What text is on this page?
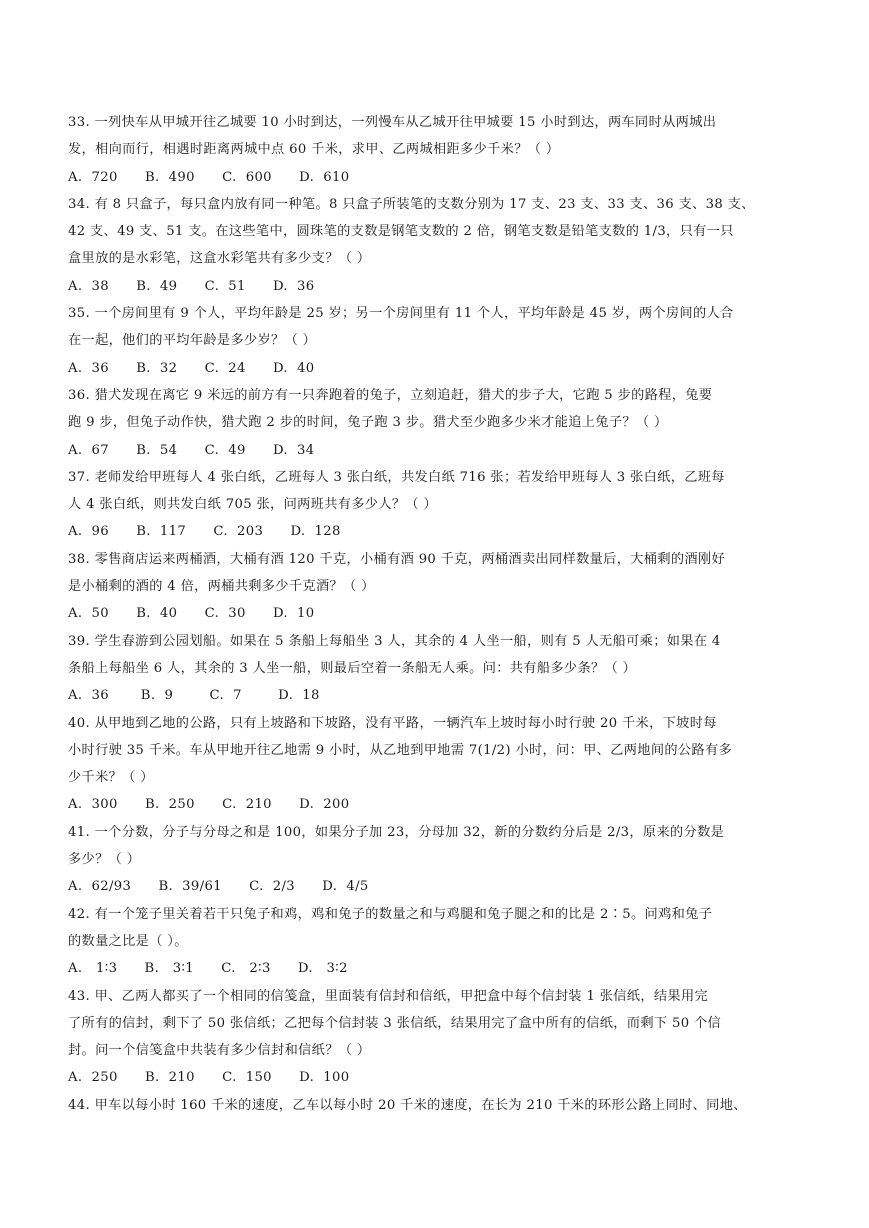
33. 一列快车从甲城开往乙城要 10 小时到达，一列慢车从乙城开往甲城要 15 小时到达，两车同时从两城出
发，相向而行，相遇时距离两城中点 60 千米，求甲、乙两城相距多少千米？（ ）
A.  720      B.  490      C.  600      D.  610
34. 有 8 只盒子，每只盒内放有同一种笔。8 只盒子所装笔的支数分别为 17 支、23 支、33 支、36 支、38 支、
42 支、49 支、51 支。在这些笔中，圆珠笔的支数是钢笔支数的 2 倍，钢笔支数是铅笔支数的 1/3，只有一只
盒里放的是水彩笔，这盒水彩笔共有多少支？（ ）
A.  38      B.  49      C.  51      D.  36
35. 一个房间里有 9 个人，平均年龄是 25 岁；另一个房间里有 11 个人，平均年龄是 45 岁，两个房间的人合
在一起，他们的平均年龄是多少岁？（ ）
A.  36      B.  32      C.  24      D.  40
36. 猎犬发现在离它 9 米远的前方有一只奔跑着的兔子，立刻追赶，猎犬的步子大，它跑 5 步的路程，兔要
跑 9 步，但兔子动作快，猎犬跑 2 步的时间，兔子跑 3 步。猎犬至少跑多少米才能追上兔子？（ ）
A.  67      B.  54      C.  49      D.  34
37. 老师发给甲班每人 4 张白纸，乙班每人 3 张白纸，共发白纸 716 张；若发给甲班每人 3 张白纸，乙班每
人 4 张白纸，则共发白纸 705 张，问两班共有多少人？（ ）
A.  96      B.  117      C.  203      D.  128
38. 零售商店运来两桶酒，大桶有酒 120 千克，小桶有酒 90 千克，两桶酒卖出同样数量后，大桶剩的酒刚好
是小桶剩的酒的 4 倍，两桶共剩多少千克酒？（ ）
A.  50      B.  40      C.  30      D.  10
39. 学生春游到公园划船。如果在 5 条船上每船坐 3 人，其余的 4 人坐一船，则有 5 人无船可乘；如果在 4
条船上每船坐 6 人，其余的 3 人坐一船，则最后空着一条船无人乘。问：共有船多少条？（ ）
A.  36       B.  9        C.  7        D.  18
40. 从甲地到乙地的公路，只有上坡路和下坡路，没有平路，一辆汽车上坡时每小时行驶 20 千米，下坡时每
小时行驶 35 千米。车从甲地开往乙地需 9 小时，从乙地到甲地需 7(1/2) 小时，问：甲、乙两地间的公路有多
少千米？（ ）
A.  300      B.  250      C.  210      D.  200
41. 一个分数，分子与分母之和是 100，如果分子加 23，分母加 32，新的分数约分后是 2/3，原来的分数是
多少？（ ）
A.  62/93      B.  39/61      C.  2/3      D.  4/5
42. 有一个笼子里关着若干只兔子和鸡，鸡和兔子的数量之和与鸡腿和兔子腿之和的比是 2∶5。问鸡和兔子
的数量之比是（ ）。
A.   1∶3      B.   3∶1      C.   2∶3      D.   3∶2
43. 甲、乙两人都买了一个相同的信笺盒，里面装有信封和信纸，甲把盒中每个信封装 1 张信纸，结果用完
了所有的信封，剩下了 50 张信纸；乙把每个信封装 3 张信纸，结果用完了盒中所有的信纸，而剩下 50 个信
封。问一个信笺盒中共装有多少信封和信纸？（ ）
A.  250      B.  210      C.  150      D.  100
44. 甲车以每小时 160 千米的速度，乙车以每小时 20 千米的速度，在长为 210 千米的环形公路上同时、同地、
